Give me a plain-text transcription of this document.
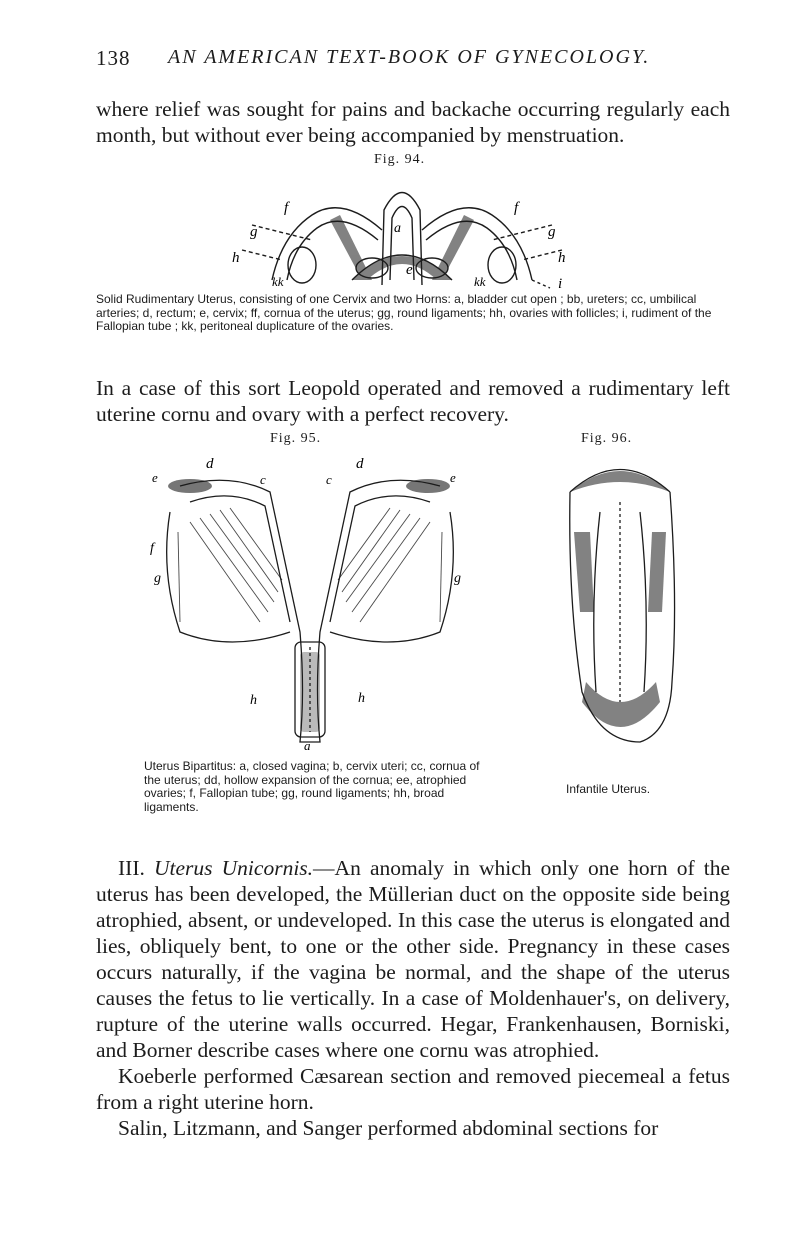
138 AN AMERICAN TEXT-BOOK OF GYNECOLOGY.

where relief was sought for pains and backache occurring regularly each month, but without ever being accompanied by menstruation.

Fig. 94.
a
f	f
g	g
e
h	h
i
kk	kk

Solid Rudimentary Uterus, consisting of one Cervix and two Horns: a, bladder cut open ; bb, ureters; cc, umbilical arteries; d, rectum; e, cervix; ff, cornua of the uterus; gg, round ligaments; hh, ovaries with follicles; i, rudiment of the Fallopian tube ; kk, peritoneal duplicature of the ovaries.

In a case of this sort Leopold operated and removed a rudimentary left uterine cornu and ovary with a perfect recovery.

Fig. 95.
d	d
e	e
c	c
f
g	g
h	h
a

Uterus Bipartitus: a, closed vagina; b, cervix uteri; cc, cornua of the uterus; dd, hollow expansion of the cornua; ee, atrophied ovaries; f, Fallopian tube; gg, round ligaments; hh, broad ligaments.

Fig. 96.

Infantile Uterus.

III. Uterus Unicornis.—An anomaly in which only one horn of the uterus has been developed, the Müllerian duct on the opposite side being atrophied, absent, or undeveloped. In this case the uterus is elongated and lies, obliquely bent, to one or the other side. Pregnancy in these cases occurs naturally, if the vagina be normal, and the shape of the uterus causes the fetus to lie vertically. In a case of Moldenhauer's, on delivery, rupture of the uterine walls occurred. Hegar, Frankenhausen, Borniski, and Borner describe cases where one cornu was atrophied.

Koeberle performed Cæsarean section and removed piecemeal a fetus from a right uterine horn.

Salin, Litzmann, and Sanger performed abdominal sections for
